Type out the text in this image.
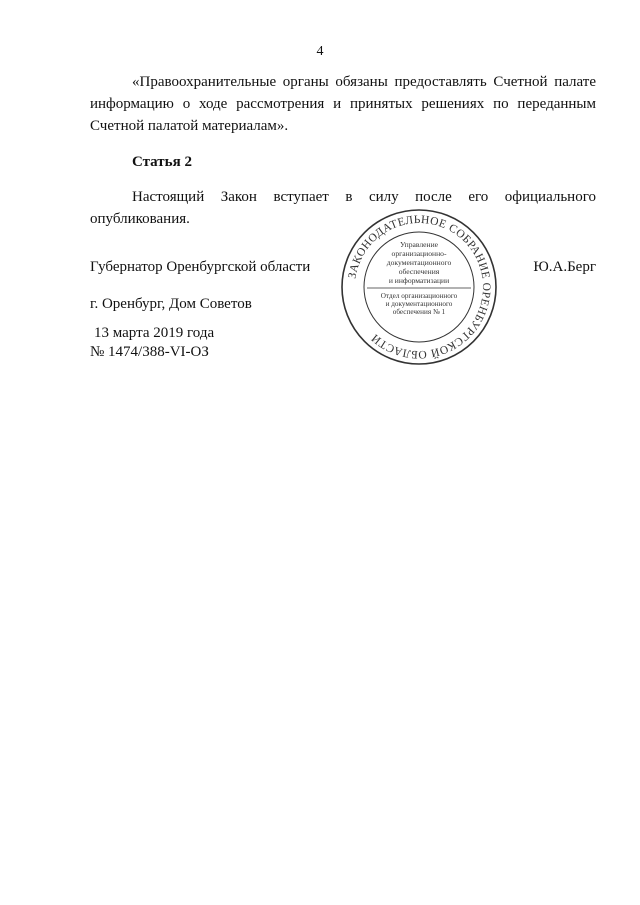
4
«Правоохранительные органы обязаны предоставлять Счетной палате информацию о ходе рассмотрения и принятых решениях по переданным Счетной палатой материалам».
Статья 2
Настоящий Закон вступает в силу после его официального опубликования.
Губернатор Оренбургской области	Ю.А.Берг
г. Оренбург, Дом Советов
13 марта 2019 года
№ 1474/388-VI-ОЗ
ЗАКОНОДАТЕЛЬНОЕ СОБРАНИЕ ОРЕНБУРГСКОЙ ОБЛАСТИ
Управление
организационно-
документационного
обеспечения
и информатизации
Отдел организационного
и документационного
обеспечения № 1
